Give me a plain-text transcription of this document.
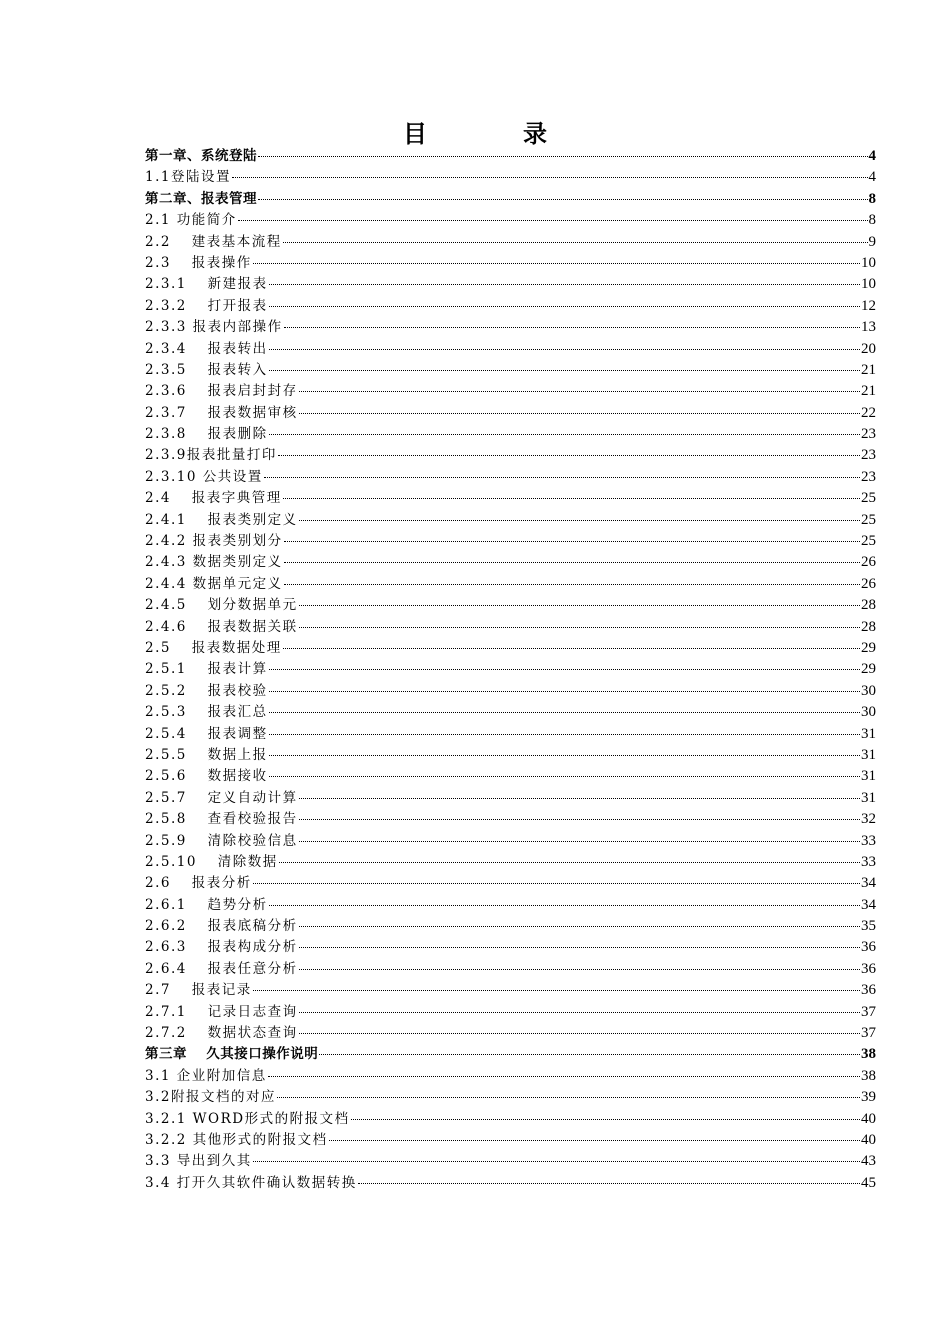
目　录
第一章、系统登陆	4
1.1登陆设置	4
第二章、报表管理	8
2.1 功能简介	8
2.2　 建表基本流程	9
2.3　 报表操作	10
2.3.1　 新建报表	10
2.3.2　 打开报表	12
2.3.3 报表内部操作	13
2.3.4　 报表转出	20
2.3.5　 报表转入	21
2.3.6　 报表启封封存	21
2.3.7　 报表数据审核	22
2.3.8　 报表删除	23
2.3.9报表批量打印	23
2.3.10 公共设置	23
2.4　 报表字典管理	25
2.4.1　 报表类别定义	25
2.4.2 报表类别划分	25
2.4.3 数据类别定义	26
2.4.4 数据单元定义	26
2.4.5　 划分数据单元	28
2.4.6　 报表数据关联	28
2.5　 报表数据处理	29
2.5.1　 报表计算	29
2.5.2　 报表校验	30
2.5.3　 报表汇总	30
2.5.4　 报表调整	31
2.5.5　 数据上报	31
2.5.6　 数据接收	31
2.5.7　 定义自动计算	31
2.5.8　 查看校验报告	32
2.5.9　 清除校验信息	33
2.5.10　 清除数据	33
2.6　 报表分析	34
2.6.1　 趋势分析	34
2.6.2　 报表底稿分析	35
2.6.3　 报表构成分析	36
2.6.4　 报表任意分析	36
2.7　 报表记录	36
2.7.1　 记录日志查询	37
2.7.2　 数据状态查询	37
第三章　 久其接口操作说明	38
3.1 企业附加信息	38
3.2附报文档的对应	39
3.2.1 WORD形式的附报文档	40
3.2.2 其他形式的附报文档	40
3.3 导出到久其	43
3.4 打开久其软件确认数据转换	45
